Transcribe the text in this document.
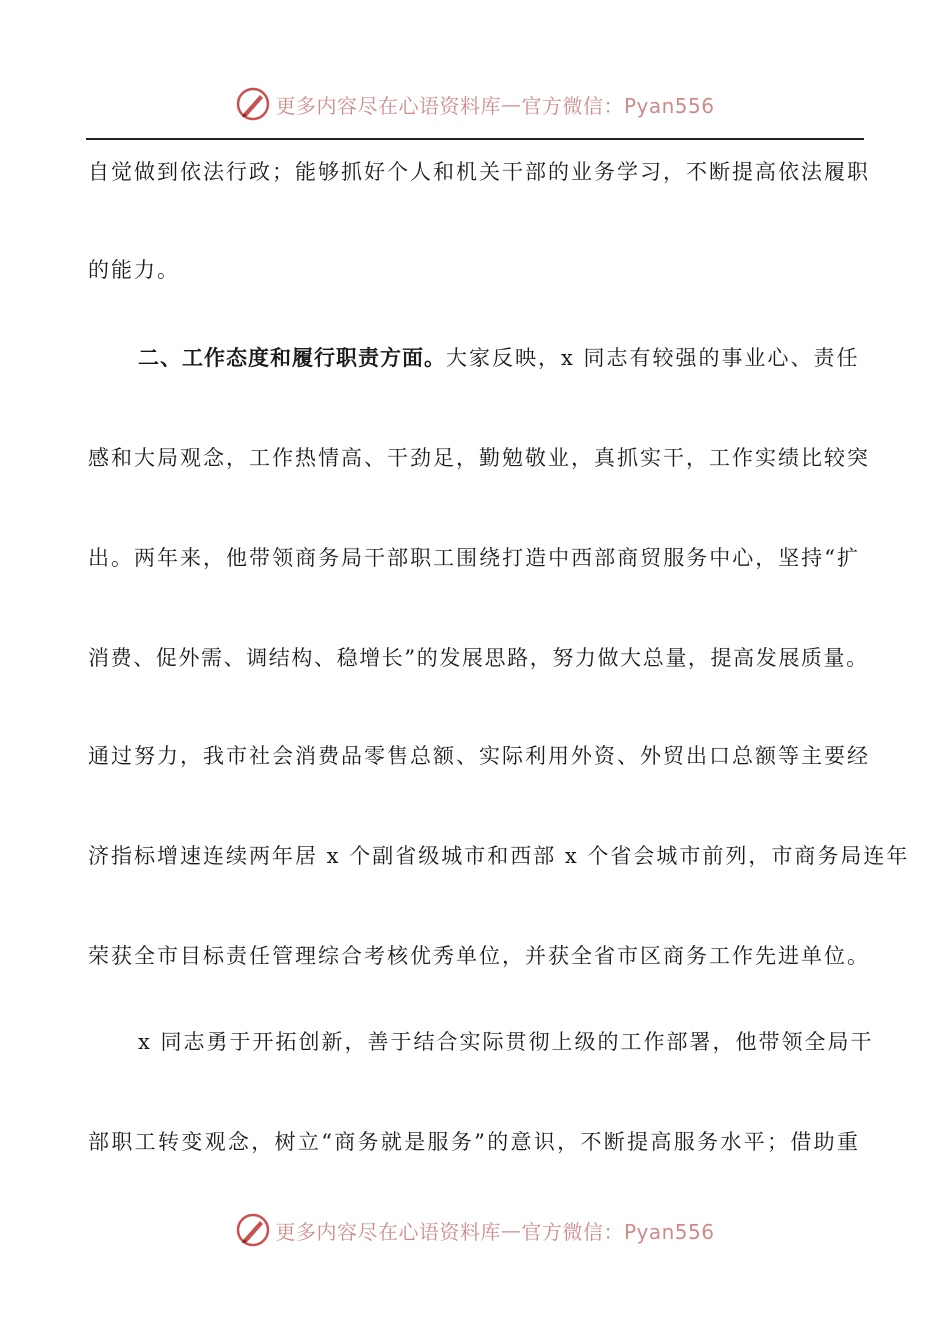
更多内容尽在心语资料库 — 官方微信：Pyan556
自觉做到依法行政；能够抓好个人和机关干部的业务学习，不断提高依法履职
的能力。
二、工作态度和履行职责方面。大家反映，x 同志有较强的事业心、责任
感和大局观念，工作热情高、干劲足，勤勉敬业，真抓实干，工作实绩比较突
出。两年来，他带领商务局干部职工围绕打造中西部商贸服务中心，坚持“扩
消费、促外需、调结构、稳增长”的发展思路，努力做大总量，提高发展质量。
通过努力，我市社会消费品零售总额、实际利用外资、外贸出口总额等主要经
济指标增速连续两年居 x 个副省级城市和西部 x 个省会城市前列，市商务局连年
荣获全市目标责任管理综合考核优秀单位，并获全省市区商务工作先进单位。
x 同志勇于开拓创新，善于结合实际贯彻上级的工作部署，他带领全局干
部职工转变观念，树立“商务就是服务”的意识，不断提高服务水平；借助重
更多内容尽在心语资料库 — 官方微信：Pyan556
